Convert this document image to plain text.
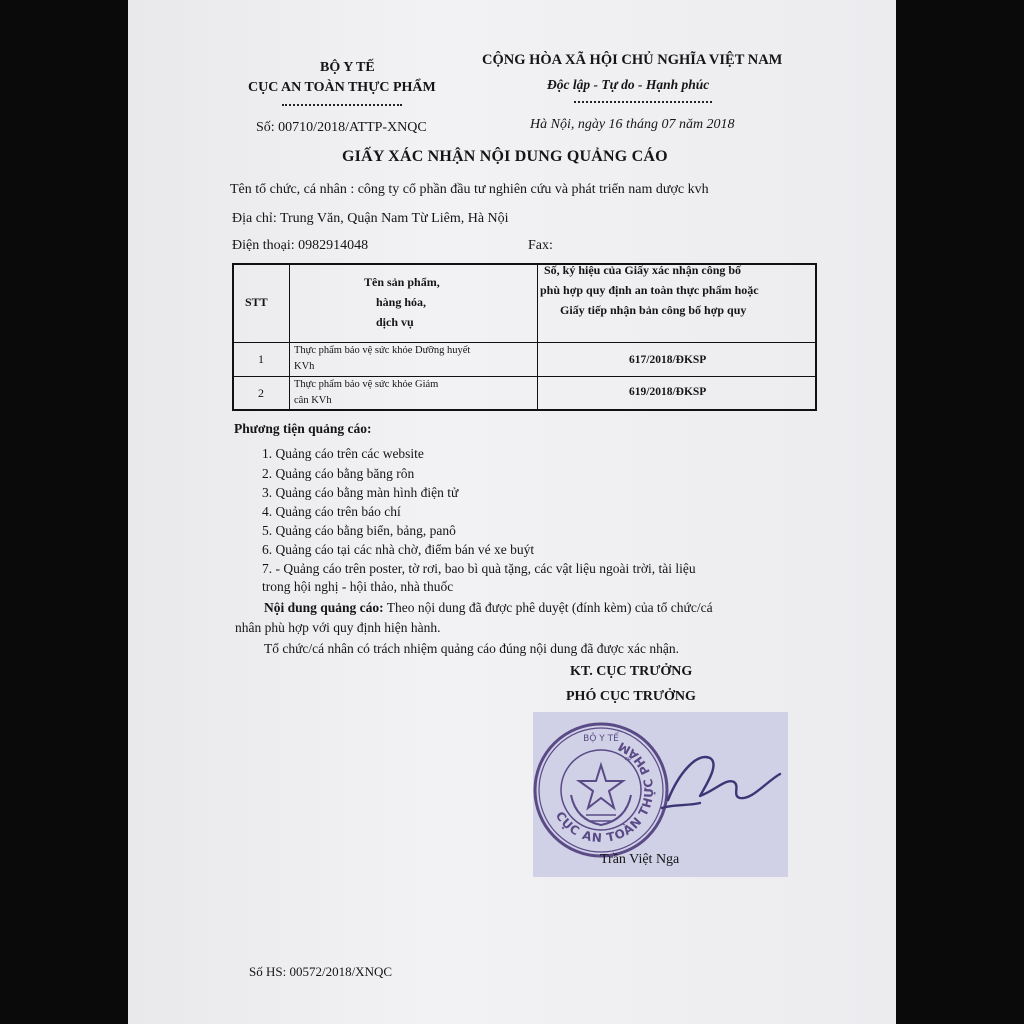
BỘ Y TẾ
CỤC AN TOÀN THỰC PHẨM
Số: 00710/2018/ATTP-XNQC
CỘNG HÒA XÃ HỘI CHỦ NGHĨA VIỆT NAM
Độc lập - Tự do - Hạnh phúc
Hà Nội, ngày 16 tháng 07 năm 2018
GIẤY XÁC NHẬN NỘI DUNG QUẢNG CÁO
Tên tổ chức, cá nhân : công ty cổ phần đầu tư nghiên cứu và phát triển nam dược kvh
Địa chỉ: Trung Văn, Quận Nam Từ Liêm, Hà Nội
Điện thoại: 0982914048	Fax:
STT
Tên sản phẩm,
hàng hóa,
dịch vụ
Số, ký hiệu của Giấy xác nhận công bố
phù hợp quy định an toàn thực phẩm hoặc
Giấy tiếp nhận bản công bố hợp quy
1
Thực phẩm bảo vệ sức khỏe Dưỡng huyết
KVh
617/2018/ĐKSP
2
Thực phẩm bảo vệ sức khỏe Giảm
cân KVh
619/2018/ĐKSP
Phương tiện quảng cáo:
1. Quảng cáo trên các website
2. Quảng cáo bằng băng rôn
3. Quảng cáo bằng màn hình điện tử
4. Quảng cáo trên báo chí
5. Quảng cáo bằng biển, bảng, panô
6. Quảng cáo tại các nhà chờ, điểm bán vé xe buýt
7. - Quảng cáo trên poster, tờ rơi, bao bì quà tặng, các vật liệu ngoài trời, tài liệu
trong hội nghị - hội thảo, nhà thuốc
Nội dung quảng cáo: Theo nội dung đã được phê duyệt (đính kèm) của tổ chức/cá
nhân phù hợp với quy định hiện hành.
Tổ chức/cá nhân có trách nhiệm quảng cáo đúng nội dung đã được xác nhận.
KT. CỤC TRƯỞNG
PHÓ CỤC TRƯỞNG
CỤC AN TOÀN THỰC PHẨM
BỘ Y TẾ
Trần Việt Nga
Số HS: 00572/2018/XNQC
